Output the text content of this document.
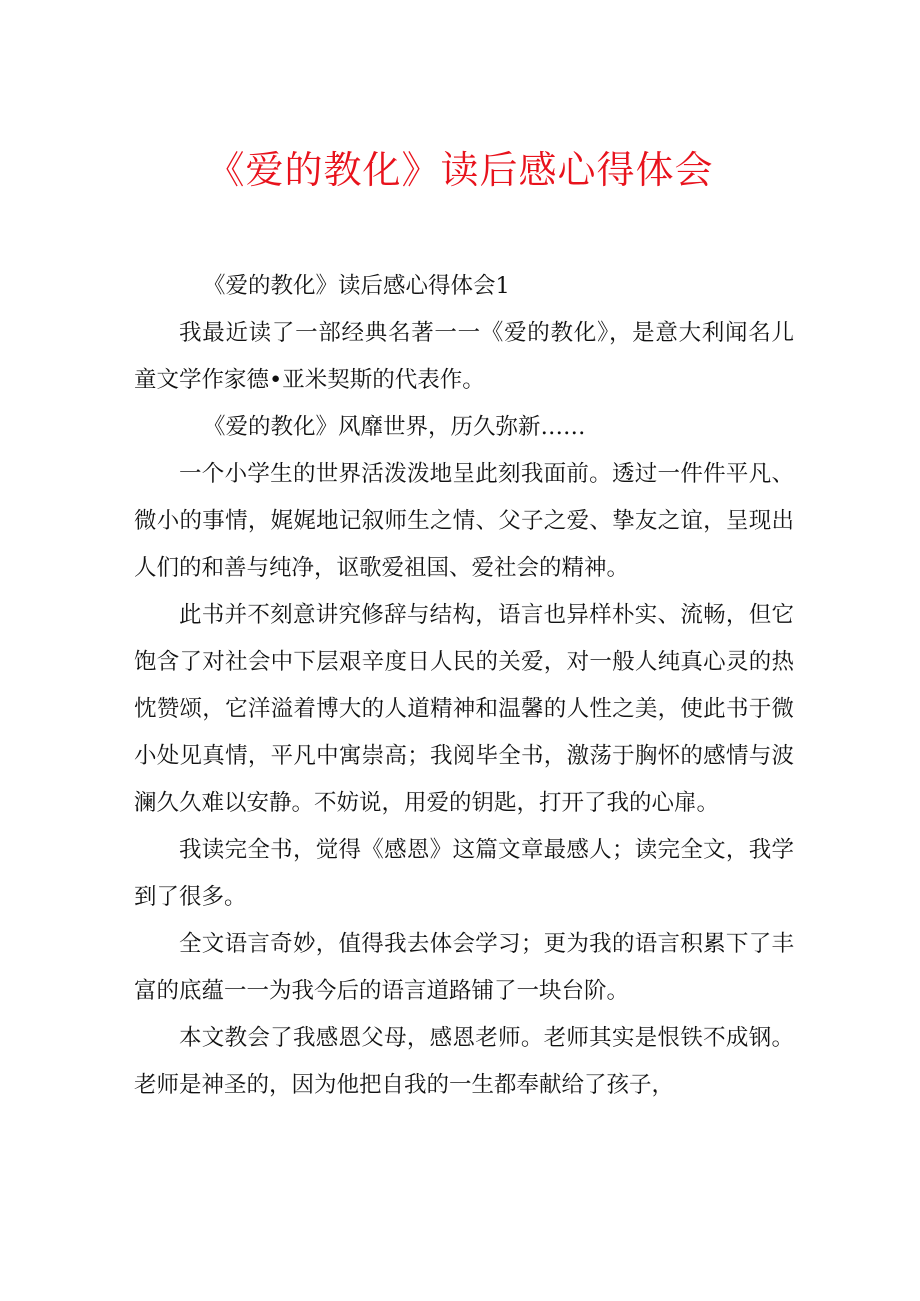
《爱的教化》读后感心得体会

《爱的教化》读后感心得体会1

我最近读了一部经典名著一一《爱的教化》，是意大利闻名儿童文学作家德•亚米契斯的代表作。

《爱的教化》风靡世界，历久弥新……

一个小学生的世界活泼泼地呈此刻我面前。透过一件件平凡、微小的事情，娓娓地记叙师生之情、父子之爱、挚友之谊，呈现出人们的和善与纯净，讴歌爱祖国、爱社会的精神。

此书并不刻意讲究修辞与结构，语言也异样朴实、流畅，但它饱含了对社会中下层艰辛度日人民的关爱，对一般人纯真心灵的热忱赞颂，它洋溢着博大的人道精神和温馨的人性之美，使此书于微小处见真情，平凡中寓崇高；我阅毕全书，激荡于胸怀的感情与波澜久久难以安静。不妨说，用爱的钥匙，打开了我的心扉。

我读完全书，觉得《感恩》这篇文章最感人；读完全文，我学到了很多。

全文语言奇妙，值得我去体会学习；更为我的语言积累下了丰富的底蕴一一为我今后的语言道路铺了一块台阶。

本文教会了我感恩父母，感恩老师。老师其实是恨铁不成钢。老师是神圣的，因为他把自我的一生都奉献给了孩子，
